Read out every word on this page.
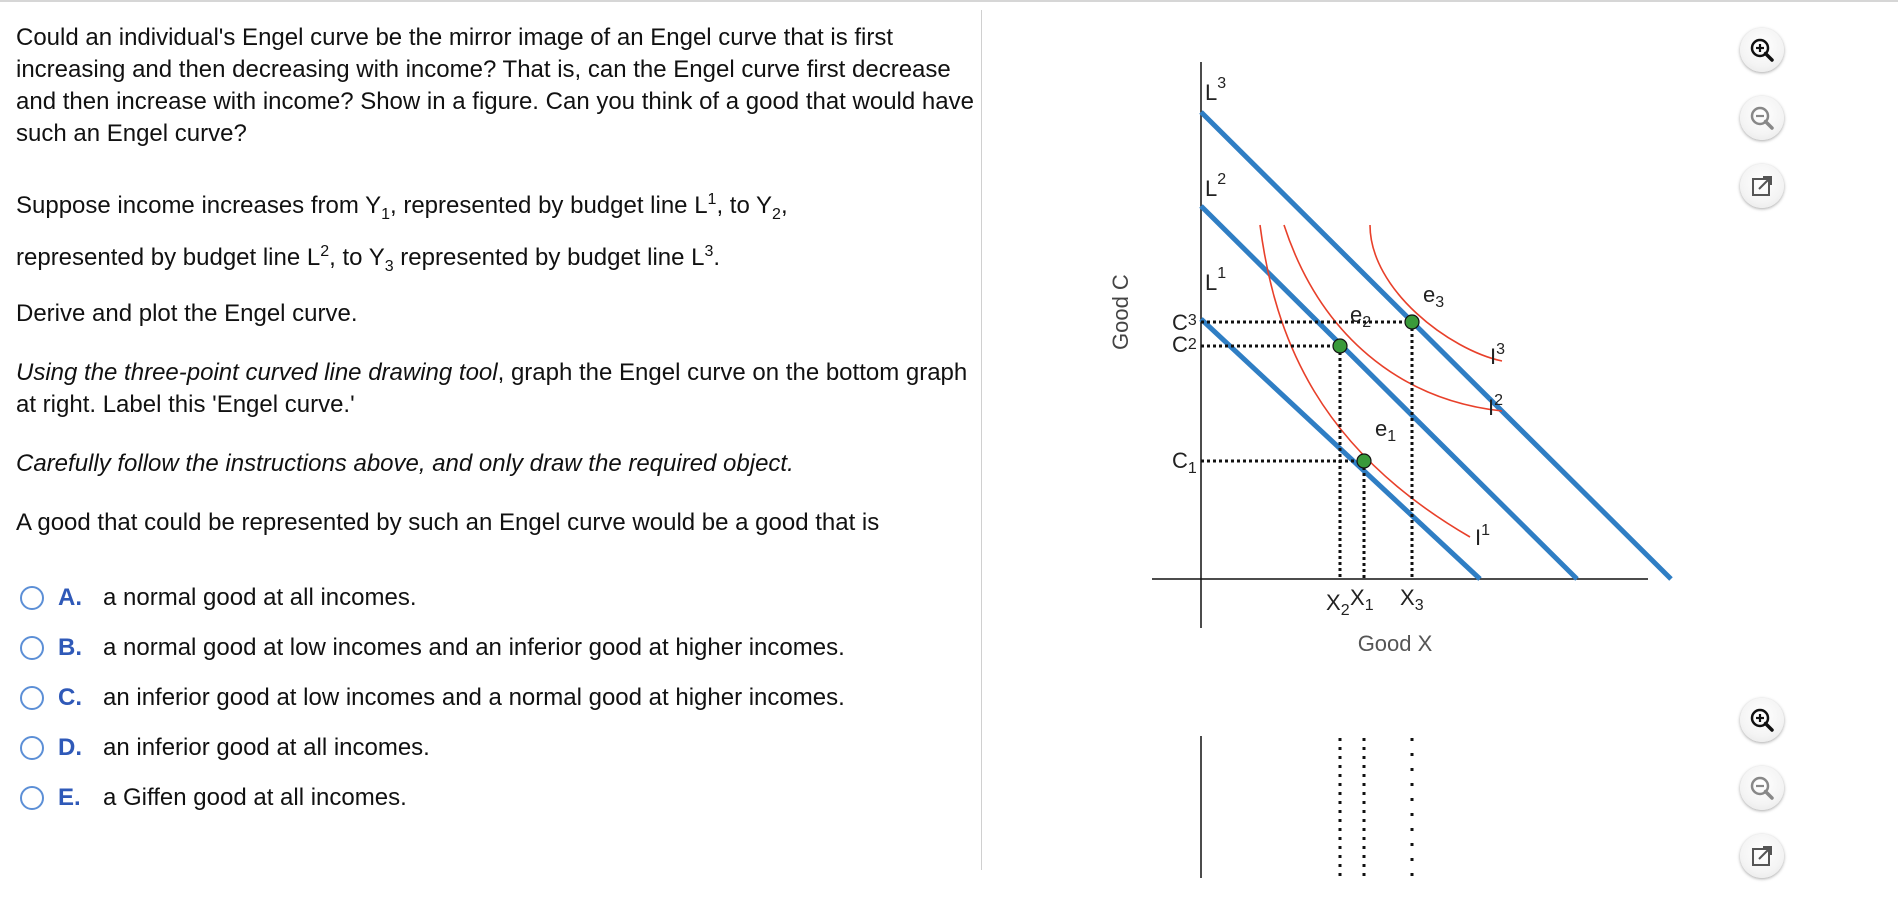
Could an individual's Engel curve be the mirror image of an Engel curve that is first increasing and then decreasing with income? That is, can the Engel curve first decrease and then increase with income? Show in a figure. Can you think of a good that would have such an Engel curve?

Suppose income increases from $Y_1$, represented by budget line $L^1$, to $Y_2$,
represented by budget line $L^2$, to $Y_3$ represented by budget line $L^3$.

Derive and plot the Engel curve.

Using the three-point curved line drawing tool, graph the Engel curve on the bottom graph at right. Label this 'Engel curve.'

Carefully follow the instructions above, and only draw the required object.

A good that could be represented by such an Engel curve would be a good that is

A. a normal good at all incomes.
B. a normal good at low incomes and an inferior good at higher incomes.
C. an inferior good at low incomes and a normal good at higher incomes.
D. an inferior good at all incomes.
E. a Giffen good at all incomes.
Good C
$L^3$
$L^2$
$L^1$
$C^3$
C2
$C_1$
$e_3$
$e_2$
$e_1$
$I^3$
$I^2$
$I^1$
$X_2$
$X_1$ $X_3$
Good X
